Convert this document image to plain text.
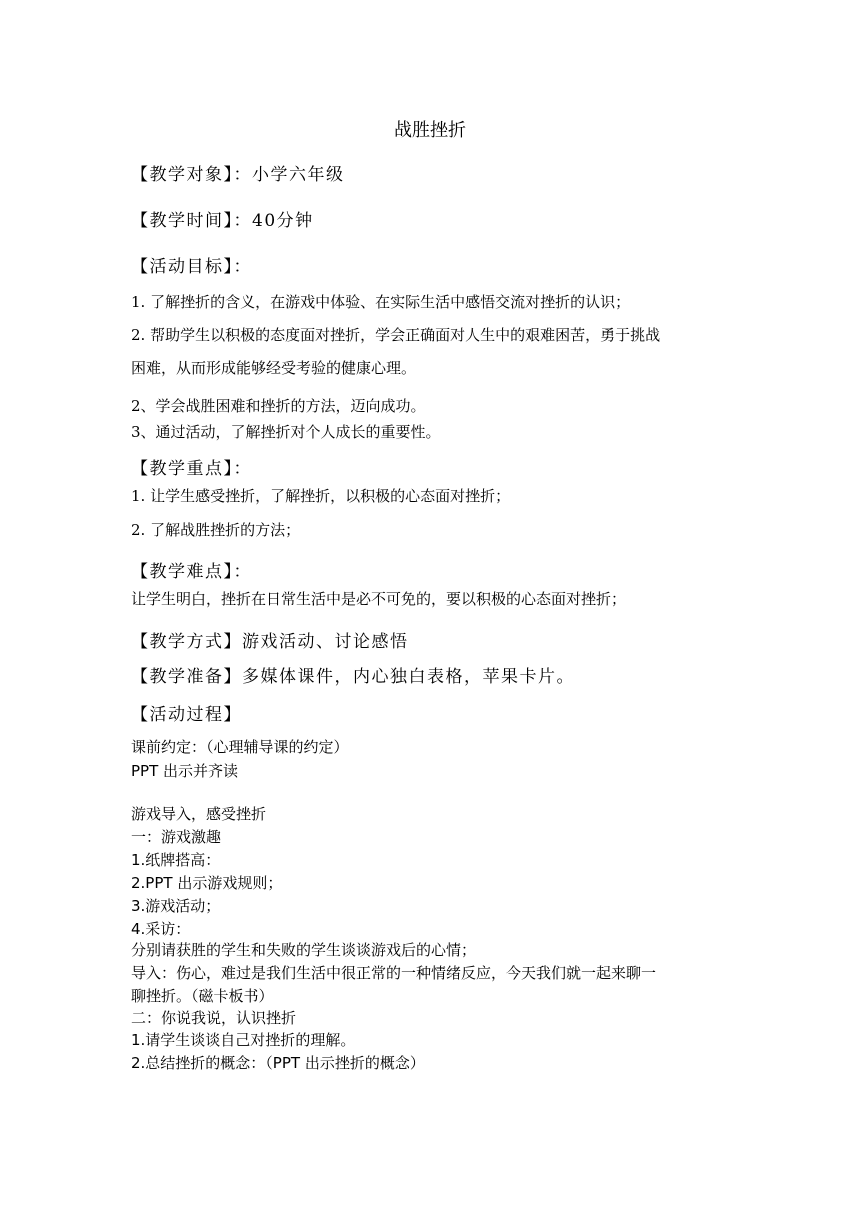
战胜挫折
【教学对象】：小学六年级
【教学时间】：40分钟
【活动目标】：
1. 了解挫折的含义，在游戏中体验、在实际生活中感悟交流对挫折的认识；
2. 帮助学生以积极的态度面对挫折，学会正确面对人生中的艰难困苦，勇于挑战
困难，从而形成能够经受考验的健康心理。
2、学会战胜困难和挫折的方法，迈向成功。
3、通过活动，了解挫折对个人成长的重要性。
【教学重点】：
1. 让学生感受挫折，了解挫折，以积极的心态面对挫折；
2. 了解战胜挫折的方法；
【教学难点】：
让学生明白，挫折在日常生活中是必不可免的，要以积极的心态面对挫折；
【教学方式】游戏活动、讨论感悟
【教学准备】多媒体课件，内心独白表格，苹果卡片。
【活动过程】
课前约定：（心理辅导课的约定）
PPT 出示并齐读
游戏导入，感受挫折
一：游戏激趣
1.纸牌搭高：
2.PPT 出示游戏规则；
3.游戏活动；
4.采访：
分别请获胜的学生和失败的学生谈谈游戏后的心情；
导入：伤心，难过是我们生活中很正常的一种情绪反应，今天我们就一起来聊一
聊挫折。（磁卡板书）
二：你说我说，认识挫折
1.请学生谈谈自己对挫折的理解。
2.总结挫折的概念：（PPT 出示挫折的概念）
